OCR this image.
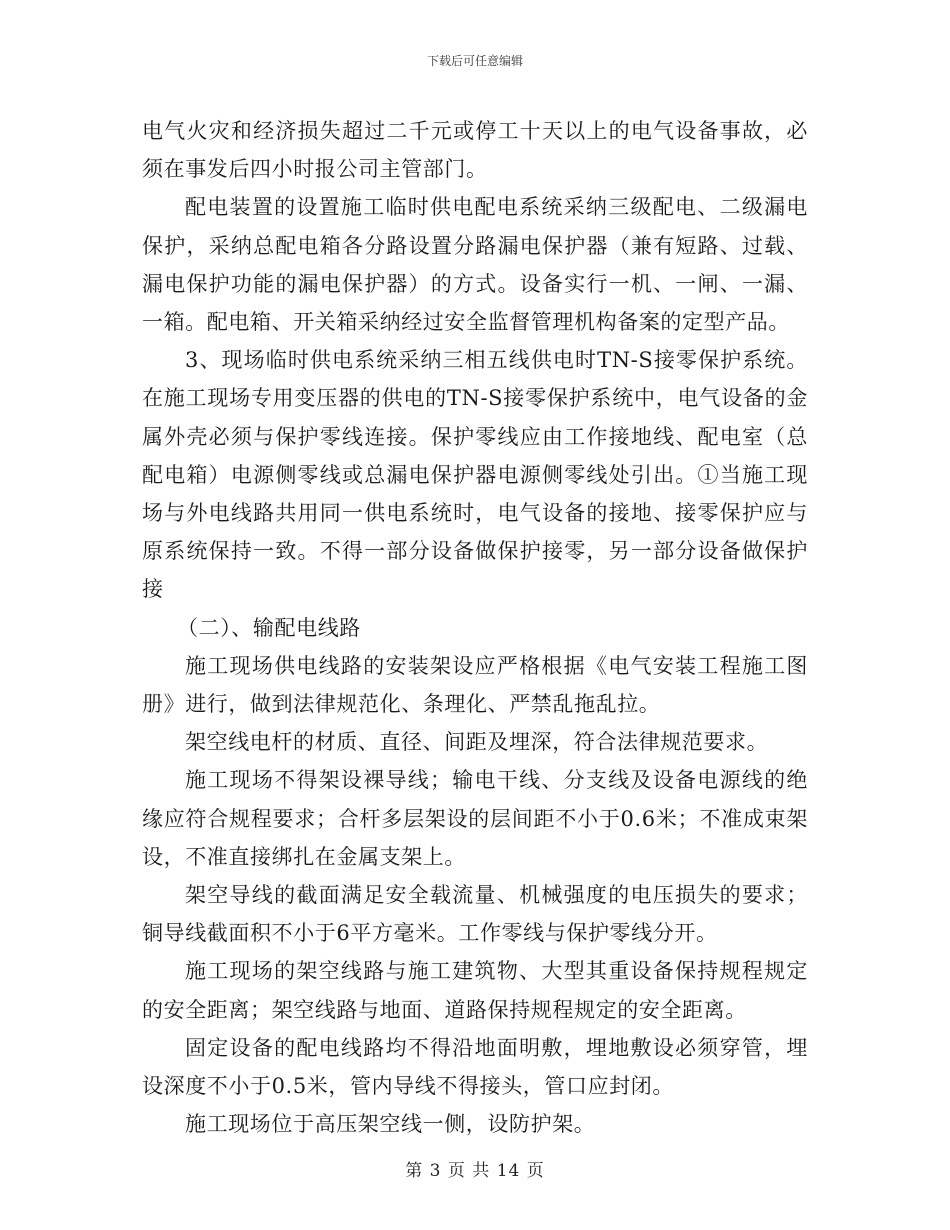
下载后可任意编辑

电气火灾和经济损失超过二千元或停工十天以上的电气设备事故，必须在事发后四小时报公司主管部门。

配电装置的设置施工临时供电配电系统采纳三级配电、二级漏电保护，采纳总配电箱各分路设置分路漏电保护器（兼有短路、过载、漏电保护功能的漏电保护器）的方式。设备实行一机、一闸、一漏、一箱。配电箱、开关箱采纳经过安全监督管理机构备案的定型产品。

3、现场临时供电系统采纳三相五线供电时TN-S接零保护系统。在施工现场专用变压器的供电的TN-S接零保护系统中，电气设备的金属外壳必须与保护零线连接。保护零线应由工作接地线、配电室（总配电箱）电源侧零线或总漏电保护器电源侧零线处引出。①当施工现场与外电线路共用同一供电系统时，电气设备的接地、接零保护应与原系统保持一致。不得一部分设备做保护接零，另一部分设备做保护接

（二）、输配电线路

施工现场供电线路的安装架设应严格根据《电气安装工程施工图册》进行，做到法律规范化、条理化、严禁乱拖乱拉。

架空线电杆的材质、直径、间距及埋深，符合法律规范要求。

施工现场不得架设裸导线；输电干线、分支线及设备电源线的绝缘应符合规程要求；合杆多层架设的层间距不小于0.6米；不准成束架设，不准直接绑扎在金属支架上。

架空导线的截面满足安全载流量、机械强度的电压损失的要求；铜导线截面积不小于6平方毫米。工作零线与保护零线分开。

施工现场的架空线路与施工建筑物、大型其重设备保持规程规定的安全距离；架空线路与地面、道路保持规程规定的安全距离。

固定设备的配电线路均不得沿地面明敷，埋地敷设必须穿管，埋设深度不小于0.5米，管内导线不得接头，管口应封闭。

施工现场位于高压架空线一侧，设防护架。

第 3 页 共 14 页
